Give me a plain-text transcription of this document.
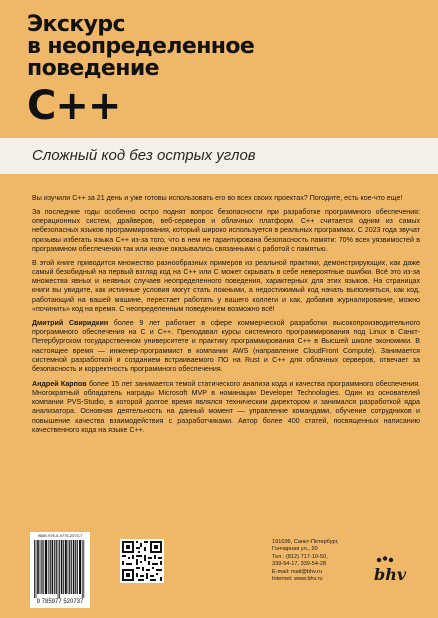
Экскурс
в неопределенное
поведение
C++
Сложный код без острых углов

Вы изучили C++ за 21 день и уже готовы использовать его во всех своих проектах? Погодите, есть кое-что еще!

За последние годы особенно остро поднят вопрос безопасности при разработке программного обеспечения: операционных систем, драйверов, веб-серверов и облачных платформ. C++ считается одним из самых небезопасных языков программирования, который широко используется в реальных программах. С 2023 года звучат призывы избегать языка C++ из-за того, что в нем не гарантирована безопасность памяти: 70% всех уязвимостей в программном обеспечении так или иначе оказывались связанными с работой с памятью.

В этой книге приводится множество разнообразных примеров из реальной практики, демонстрирующих, как даже самый безобидный на первый взгляд код на C++ или C может скрывать в себе невероятные ошибки. Всё это из-за множества явных и неявных случаев неопределенного поведения, характерных для этих языков. На страницах книги вы увидите, как истинные условия могут стать ложными, а недостижимый код начать выполняться, как код, работающий на вашей машине, перестает работать у вашего коллеги и как, добавив журналирование, можно «починить» код на время. С неопределенным поведением возможно всё!

Дмитрий Свиридкин более 9 лет работает в сфере коммерческой разработки высокопроизводительного программного обеспечения на C и C++. Преподавал курсы системного программирования под Linux в Санкт-Петербургском государственном университете и практику программирования C++ в Высшей школе экономики. В настоящее время — инженер-программист в компании AWS (направление CloudFront Compute). Занимается системной разработкой и созданием встраиваемого ПО на Rust и C++ для облачных серверов, отвечает за безопасность и корректность программного обеспечения.

Андрей Карпов более 15 лет занимается темой статического анализа кода и качества программного обеспечения. Многократный обладатель награды Microsoft MVP в номинации Developer Technologies. Один из основателей компании PVS-Studio, в которой долгое время являлся техническим директором и занимался разработкой ядра анализатора. Основная деятельность на данный момент — управление командами, обучение сотрудников и повышение качества взаимодействия с разработчиками. Автор более 400 статей, посвященных написанию качественного кода на языке C++.

ISBN 978-5-9775-2073-7
9 785977 520737
191036, Санкт-Петербург,
Гончарная ул., 20
Тел.: (812) 717-10-50,
339-54-17, 339-54-28
E-mail: mail@bhv.ru
Internet: www.bhv.ru	bhv
